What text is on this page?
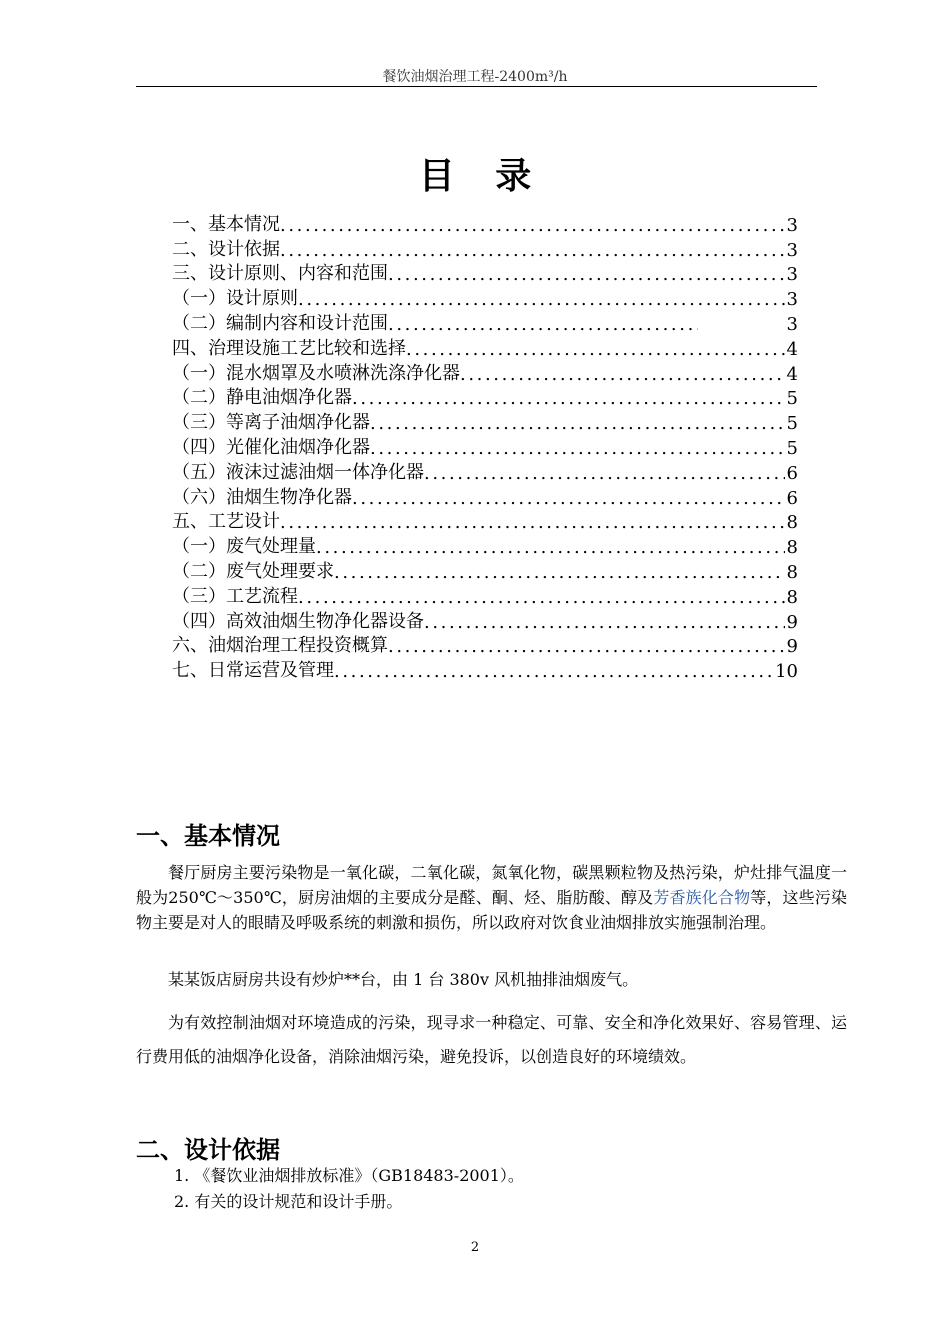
餐饮油烟治理工程-2400m³/h
目 录
一、基本情况 .....	3
二、设计依据 .....	3
三、设计原则、内容和范围 .....	3
（一）设计原则 .....	3
（二）编制内容和设计范围 .....	3
四、治理设施工艺比较和选择 .....	4
（一）混水烟罩及水喷淋洗涤净化器 .....	4
（二）静电油烟净化器 .....	5
（三）等离子油烟净化器 .....	5
（四）光催化油烟净化器 .....	5
（五）液沫过滤油烟一体净化器 .....	6
（六）油烟生物净化器 .....	6
五、工艺设计 .....	8
（一）废气处理量 .....	8
（二）废气处理要求 .....	8
（三）工艺流程 .....	8
（四）高效油烟生物净化器设备 .....	9
六、油烟治理工程投资概算 .....	9
七、日常运营及管理 .....	10
一、基本情况

餐厅厨房主要污染物是一氧化碳，二氧化碳，氮氧化物，碳黑颗粒物及热污染，炉灶排气温度一般为250℃～350℃，厨房油烟的主要成分是醛、酮、烃、脂肪酸、醇及芳香族化合物等，这些污染物主要是对人的眼睛及呼吸系统的刺激和损伤，所以政府对饮食业油烟排放实施强制治理。

某某饭店厨房共设有炒炉**台，由 1 台 380v 风机抽排油烟废气。

为有效控制油烟对环境造成的污染，现寻求一种稳定、可靠、安全和净化效果好、容易管理、运行费用低的油烟净化设备，消除油烟污染，避免投诉，以创造良好的环境绩效。

二、设计依据

1. 《餐饮业油烟排放标准》（GB18483-2001）。

2. 有关的设计规范和设计手册。

2
